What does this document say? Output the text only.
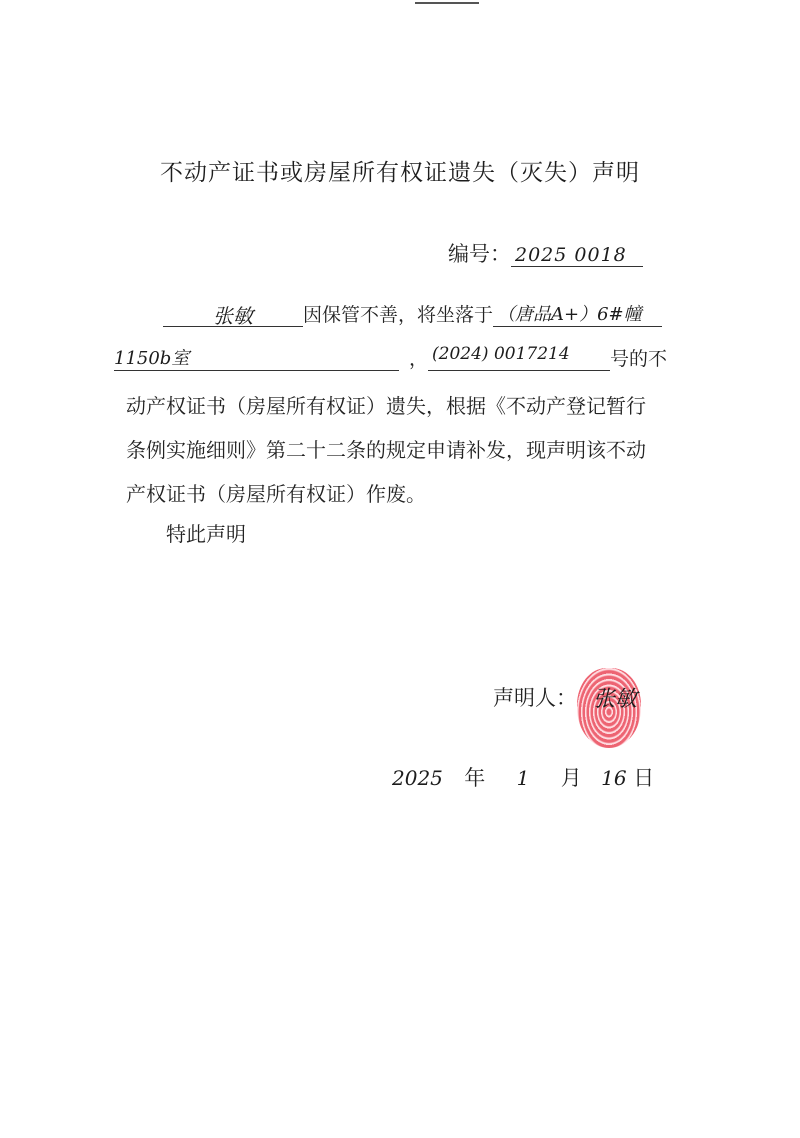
不动产证书或房屋所有权证遗失（灭失）声明
编号： 2025 0018
张敏	因保管不善，将坐落于 （唐品A+）6#幢
1150b室	， (2024) 0017214 号的不
动产权证书（房屋所有权证）遗失，根据《不动产登记暂行
条例实施细则》第二十二条的规定申请补发，现声明该不动
产权证书（房屋所有权证）作废。
特此声明
声明人： 张敏
2025 年 1 月 16 日
